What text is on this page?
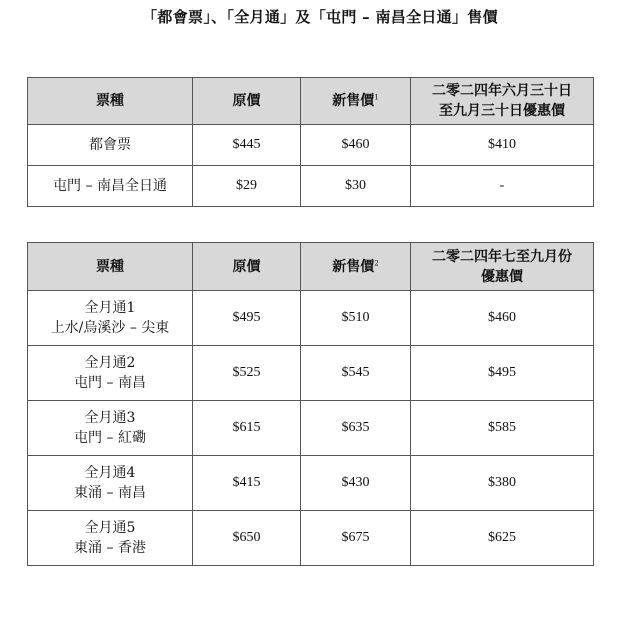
「都會票」、「全月通」及「屯門 – 南昌全日通」售價
票種	原價	新售價$^1$	二零二四年六月三十日
至九月三十日優惠價

都會票	$445	$460	$410
屯門 – 南昌全日通	$29	$30	-
票種	原價	新售價$^2$	二零二四年七至九月份
優惠價

全月通1
上水/烏溪沙 – 尖東	$495	$510	$460

全月通2
屯門 – 南昌	$525	$545	$495

全月通3
屯門 – 紅磡	$615	$635	$585

全月通4
東涌 – 南昌	$415	$430	$380

全月通5
東涌 – 香港	$650	$675	$625
